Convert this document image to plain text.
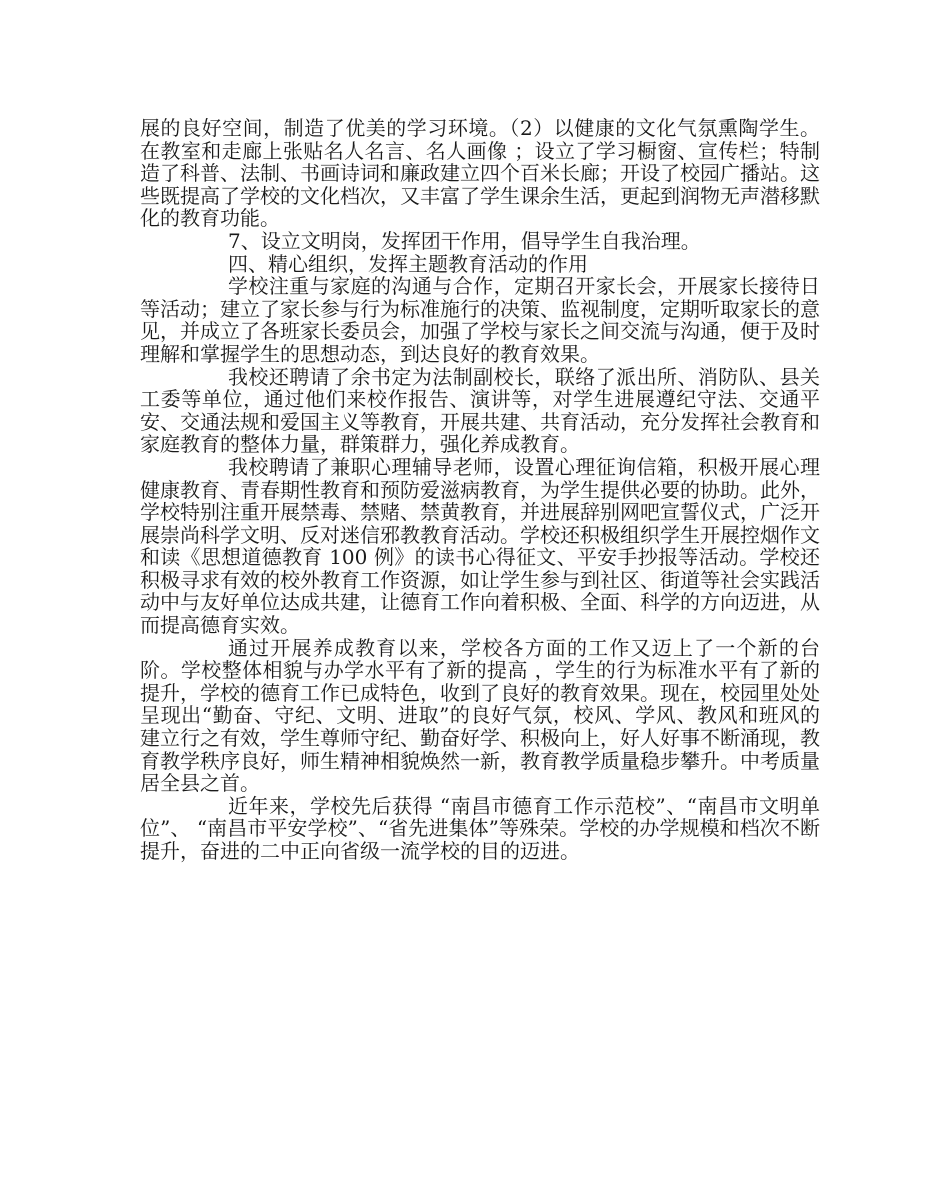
展的良好空间，制造了优美的学习环境。（2）以健康的文化气氛熏陶学生。在教室和走廊上张贴名人名言、名人画像 ；设立了学习橱窗、宣传栏；特制造了科普、法制、书画诗词和廉政建立四个百米长廊；开设了校园广播站。这些既提高了学校的文化档次，又丰富了学生课余生活，更起到润物无声潜移默化的教育功能。

7、设立文明岗，发挥团干作用，倡导学生自我治理。

四、精心组织，发挥主题教育活动的作用

学校注重与家庭的沟通与合作，定期召开家长会，开展家长接待日等活动；建立了家长参与行为标准施行的决策、监视制度，定期听取家长的意见，并成立了各班家长委员会，加强了学校与家长之间交流与沟通，便于及时理解和掌握学生的思想动态，到达良好的教育效果。

我校还聘请了余书定为法制副校长，联络了派出所、消防队、县关工委等单位，通过他们来校作报告、演讲等，对学生进展遵纪守法、交通平安、交通法规和爱国主义等教育，开展共建、共育活动，充分发挥社会教育和家庭教育的整体力量，群策群力，强化养成教育。

我校聘请了兼职心理辅导老师，设置心理征询信箱，积极开展心理健康教育、青春期性教育和预防爱滋病教育，为学生提供必要的协助。此外，学校特别注重开展禁毒、禁赌、禁黄教育，并进展辞别网吧宣誓仪式，广泛开展崇尚科学文明、反对迷信邪教教育活动。学校还积极组织学生开展控烟作文和读《思想道德教育 100 例》的读书心得征文、平安手抄报等活动。学校还积极寻求有效的校外教育工作资源，如让学生参与到社区、街道等社会实践活动中与友好单位达成共建，让德育工作向着积极、全面、科学的方向迈进，从而提高德育实效。

通过开展养成教育以来，学校各方面的工作又迈上了一个新的台阶。学校整体相貌与办学水平有了新的提高 ，学生的行为标准水平有了新的提升，学校的德育工作已成特色，收到了良好的教育效果。现在，校园里处处呈现出“勤奋、守纪、文明、进取”的良好气氛，校风、学风、教风和班风的建立行之有效，学生尊师守纪、勤奋好学、积极向上，好人好事不断涌现，教育教学秩序良好，师生精神相貌焕然一新，教育教学质量稳步攀升。中考质量居全县之首。

近年来，学校先后获得 “南昌市德育工作示范校”、“南昌市文明单位”、 “南昌市平安学校”、“省先进集体”等殊荣。学校的办学规模和档次不断提升，奋进的二中正向省级一流学校的目的迈进。
